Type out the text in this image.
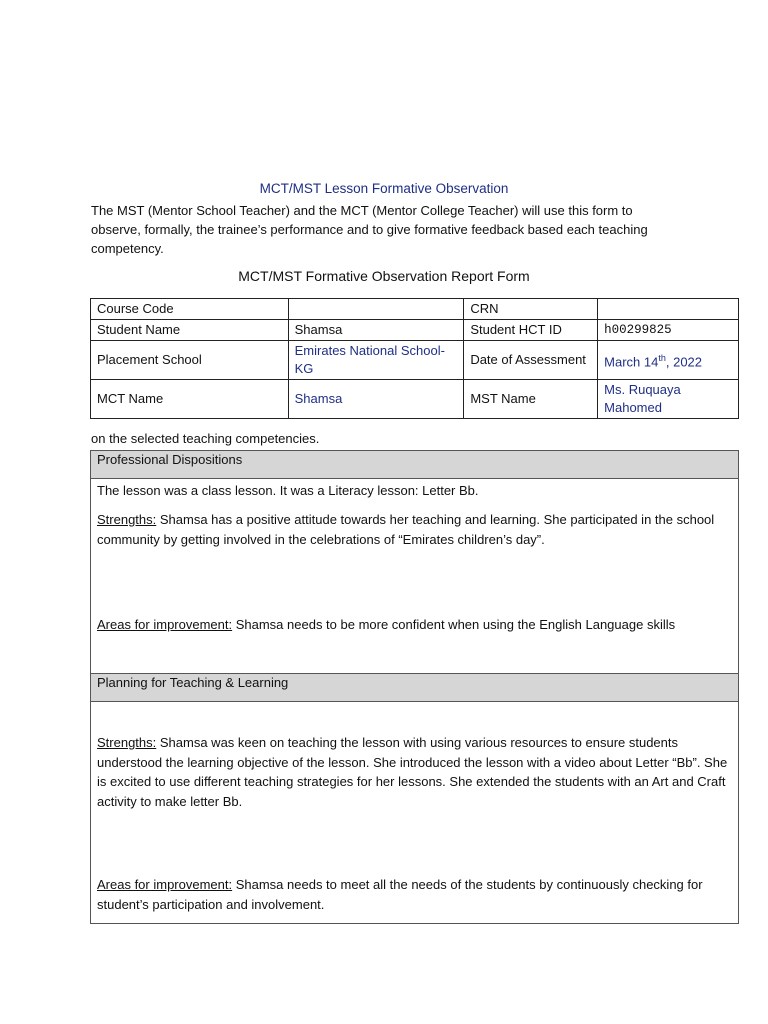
MCT/MST Lesson Formative Observation
The MST (Mentor School Teacher) and the MCT (Mentor College Teacher) will use this form to observe, formally, the trainee’s performance and to give formative feedback based each teaching competency.
MCT/MST Formative Observation Report Form
Course Code		CRN	
Student Name	Shamsa	Student HCT ID	h00299825
Placement School	Emirates National School-KG	Date of Assessment	March 14th, 2022
MCT Name	Shamsa	MST Name	Ms. Ruquaya Mahomed
on the selected teaching competencies.
Professional Dispositions
The lesson was a class lesson. It was a Literacy lesson: Letter Bb.
Strengths: Shamsa has a positive attitude towards her teaching and learning. She participated in the school community by getting involved in the celebrations of “Emirates children’s day”.
Areas for improvement: Shamsa needs to be more confident when using the English Language skills
Planning for Teaching & Learning
Strengths: Shamsa was keen on teaching the lesson with using various resources to ensure students understood the learning objective of the lesson. She introduced the lesson with a video about Letter “Bb”. She is excited to use different teaching strategies for her lessons. She extended the students with an Art and Craft activity to make letter Bb.
Areas for improvement: Shamsa needs to meet all the needs of the students by continuously checking for student’s participation and involvement.
